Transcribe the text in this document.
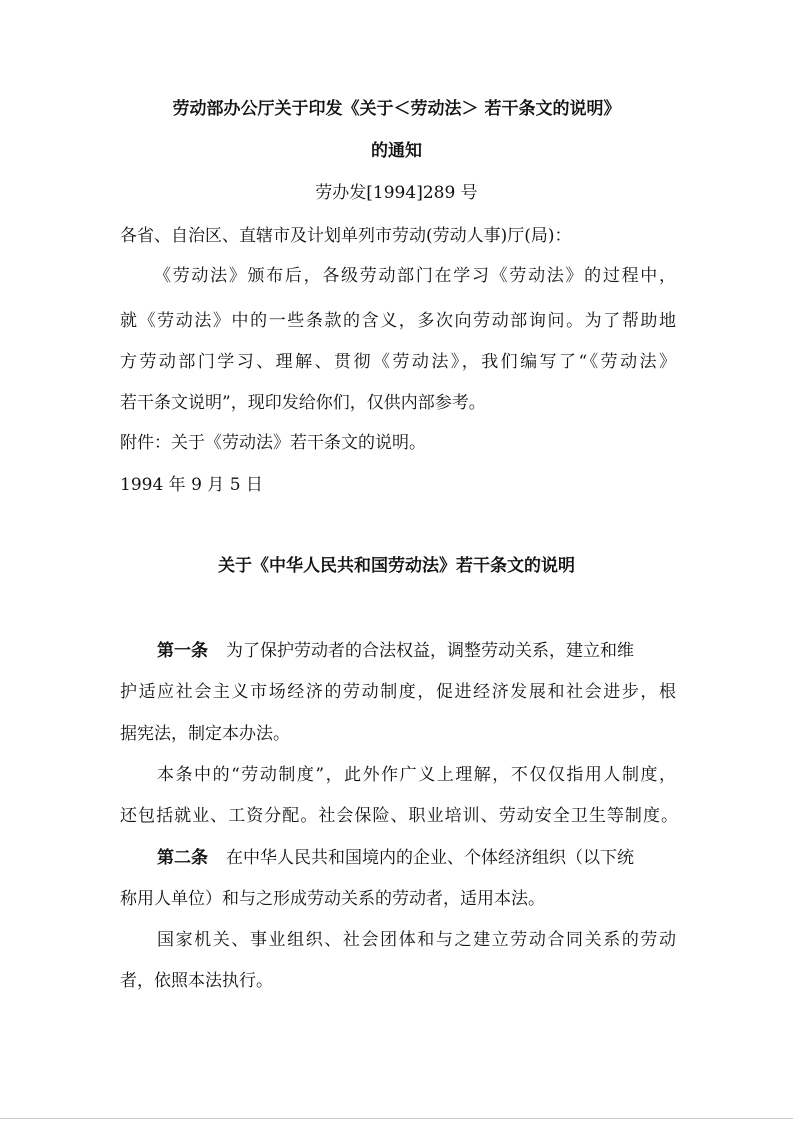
劳动部办公厅关于印发《关于＜劳动法＞ 若干条文的说明》
的通知
劳办发[1994]289 号
各省、自治区、直辖市及计划单列市劳动(劳动人事)厅(局)：
《劳动法》颁布后，各级劳动部门在学习《劳动法》的过程中，
就《劳动法》中的一些条款的含义，多次向劳动部询问。为了帮助地
方劳动部门学习、理解、贯彻《劳动法》，我们编写了“《劳动法》
若干条文说明”，现印发给你们，仅供内部参考。
附件：关于《劳动法》若干条文的说明。
1994 年 9 月 5 日
关于《中华人民共和国劳动法》若干条文的说明
第一条 为了保护劳动者的合法权益，调整劳动关系，建立和维
护适应社会主义市场经济的劳动制度，促进经济发展和社会进步，根
据宪法，制定本办法。
本条中的“劳动制度”，此外作广义上理解，不仅仅指用人制度，
还包括就业、工资分配。社会保险、职业培训、劳动安全卫生等制度。
第二条 在中华人民共和国境内的企业、个体经济组织（以下统
称用人单位）和与之形成劳动关系的劳动者，适用本法。
国家机关、事业组织、社会团体和与之建立劳动合同关系的劳动
者，依照本法执行。
